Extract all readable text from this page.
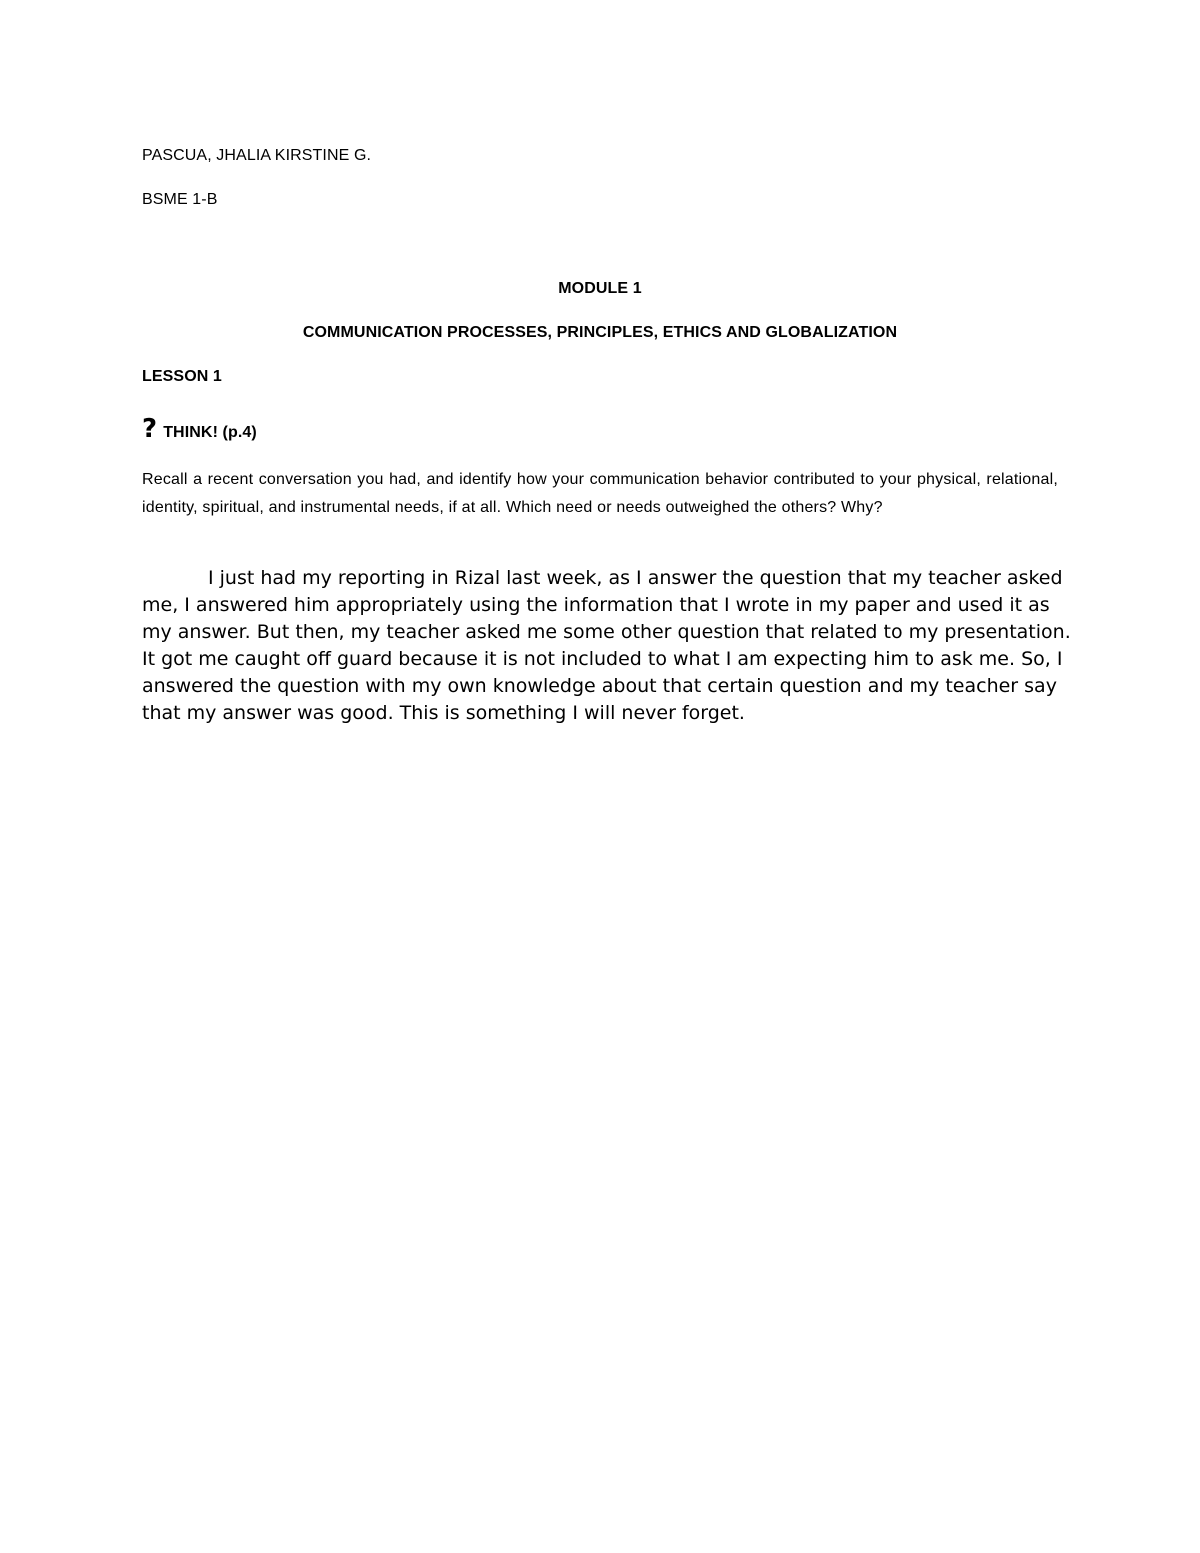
PASCUA, JHALIA KIRSTINE G.
BSME 1-B
MODULE 1
COMMUNICATION PROCESSES, PRINCIPLES, ETHICS AND GLOBALIZATION
LESSON 1
? THINK! (p.4)
Recall a recent conversation you had, and identify how your communication behavior contributed to your physical, relational, identity, spiritual, and instrumental needs, if at all. Which need or needs outweighed the others? Why?
I just had my reporting in Rizal last week, as I answer the question that my teacher asked me, I answered him appropriately using the information that I wrote in my paper and used it as my answer. But then, my teacher asked me some other question that related to my presentation. It got me caught off guard because it is not included to what I am expecting him to ask me. So, I answered the question with my own knowledge about that certain question and my teacher say that my answer was good. This is something I will never forget.
